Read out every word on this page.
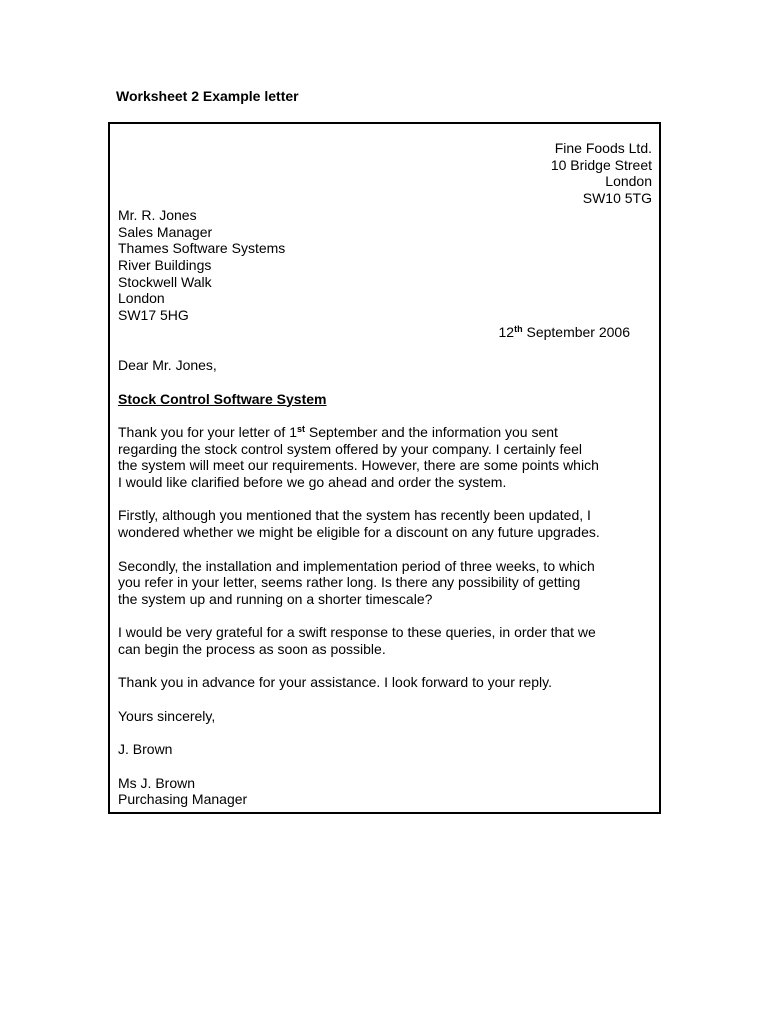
Worksheet 2 Example letter
Fine Foods Ltd.
10 Bridge Street
London
SW10 5TG
Mr. R. Jones
Sales Manager
Thames Software Systems
River Buildings
Stockwell Walk
London
SW17 5HG
12th September 2006
Dear Mr. Jones,
Stock Control Software System
Thank you for your letter of 1st September and the information you sent
regarding the stock control system offered by your company. I certainly feel
the system will meet our requirements. However, there are some points which
I would like clarified before we go ahead and order the system.
Firstly, although you mentioned that the system has recently been updated, I
wondered whether we might be eligible for a discount on any future upgrades.
Secondly, the installation and implementation period of three weeks, to which
you refer in your letter, seems rather long. Is there any possibility of getting
the system up and running on a shorter timescale?
I would be very grateful for a swift response to these queries, in order that we
can begin the process as soon as possible.
Thank you in advance for your assistance. I look forward to your reply.
Yours sincerely,
J. Brown
Ms J. Brown
Purchasing Manager
